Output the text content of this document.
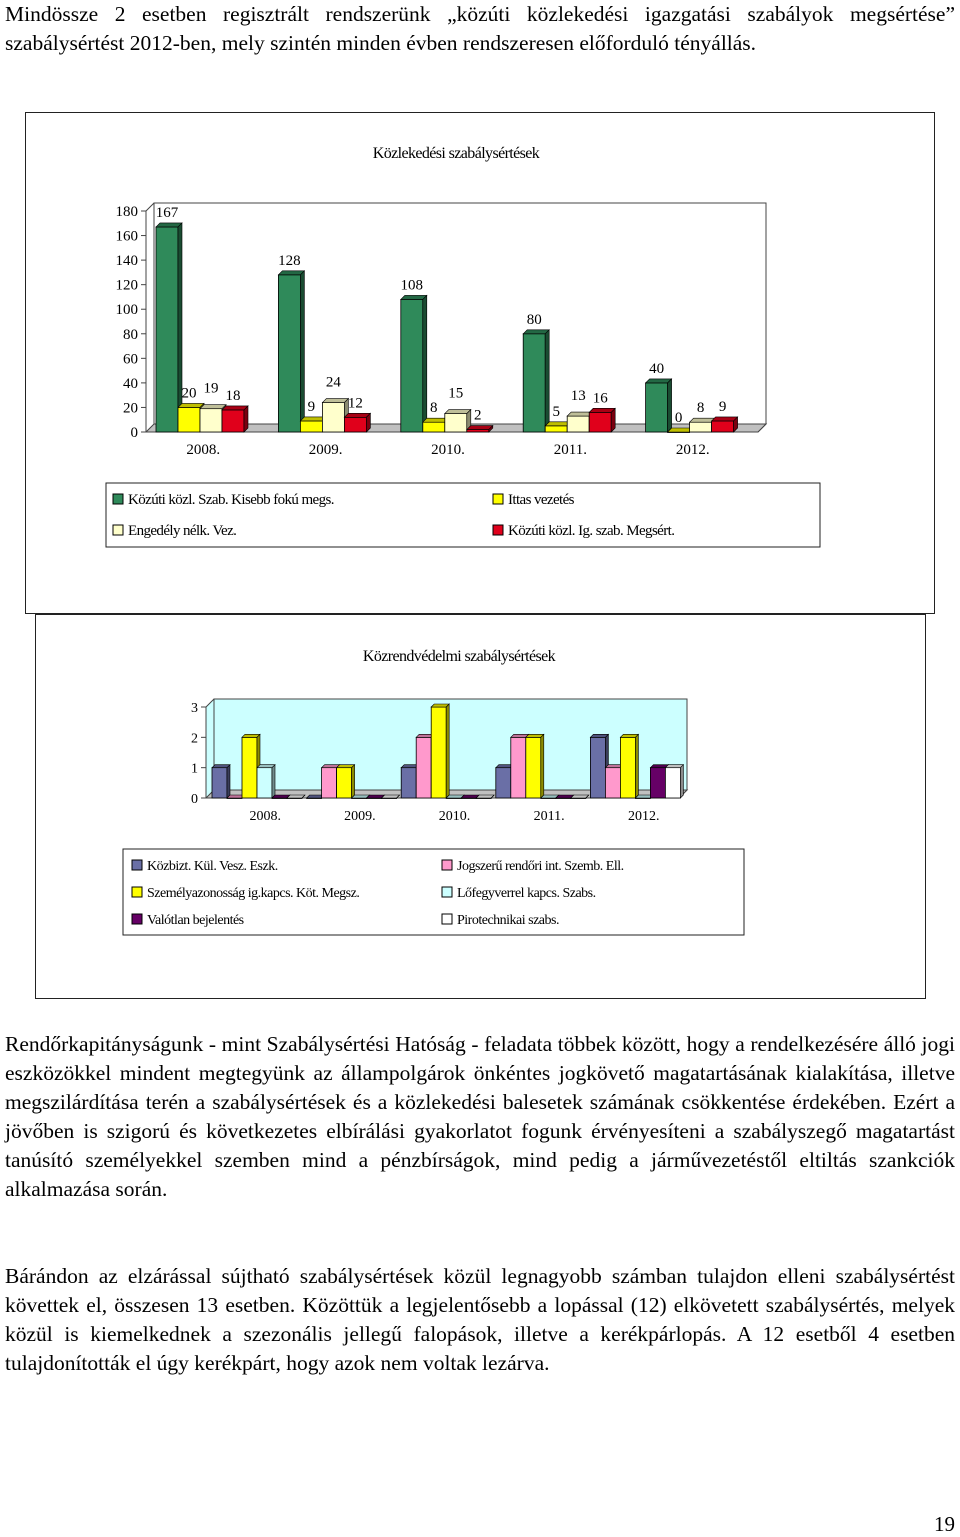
Mindössze 2 esetben regisztrált rendszerünk „közúti közlekedési igazgatási szabályok megsértése” szabálysértést 2012-ben, mely szintén minden évben rendszeresen előforduló tényállás.

Közlekedési szabálysértések
0
20
40
60
80
100
120
140
160
180 167
20 19 18
2008.
128
9
24
12
2009.
108
8
15
2
2010.
80
5
13 16
2011.
40
0
8 9
2012.
Közúti közl. Szab. Kisebb fokú megs.	Ittas vezetés
Engedély nélk. Vez.	Közúti közl. Ig. szab. Megsért.
Közrendvédelmi szabálysértések
0
1
2
3
2008.	2009.	2010.	2011.	2012.
Közbizt. Kül. Vesz. Eszk.	Jogszerű rendőri int. Szemb. Ell.
Személyazonosság ig.kapcs. Köt. Megsz.	Lőfegyverrel kapcs. Szabs.
Valótlan bejelentés	Pirotechnikai szabs.

Rendőrkapitányságunk - mint Szabálysértési Hatóság - feladata többek között, hogy a rendelkezésére álló jogi eszközökkel mindent megtegyünk az állampolgárok önkéntes jogkövető magatartásának kialakítása, illetve megszilárdítása terén a szabálysértések és a közlekedési balesetek számának csökkentése érdekében. Ezért a jövőben is szigorú és következetes elbírálási gyakorlatot fogunk érvényesíteni a szabályszegő magatartást tanúsító személyekkel szemben mind a pénzbírságok, mind pedig a járművezetéstől eltiltás szankciók alkalmazása során.

Bárándon az elzárással sújtható szabálysértések közül legnagyobb számban tulajdon elleni szabálysértést követtek el, összesen 13 esetben. Közöttük a legjelentősebb a lopással (12) elkövetett szabálysértés, melyek közül is kiemelkednek a szezonális jellegű falopások, illetve a kerékpárlopás. A 12 esetből 4 esetben tulajdonították el úgy kerékpárt, hogy azok nem voltak lezárva.

19
